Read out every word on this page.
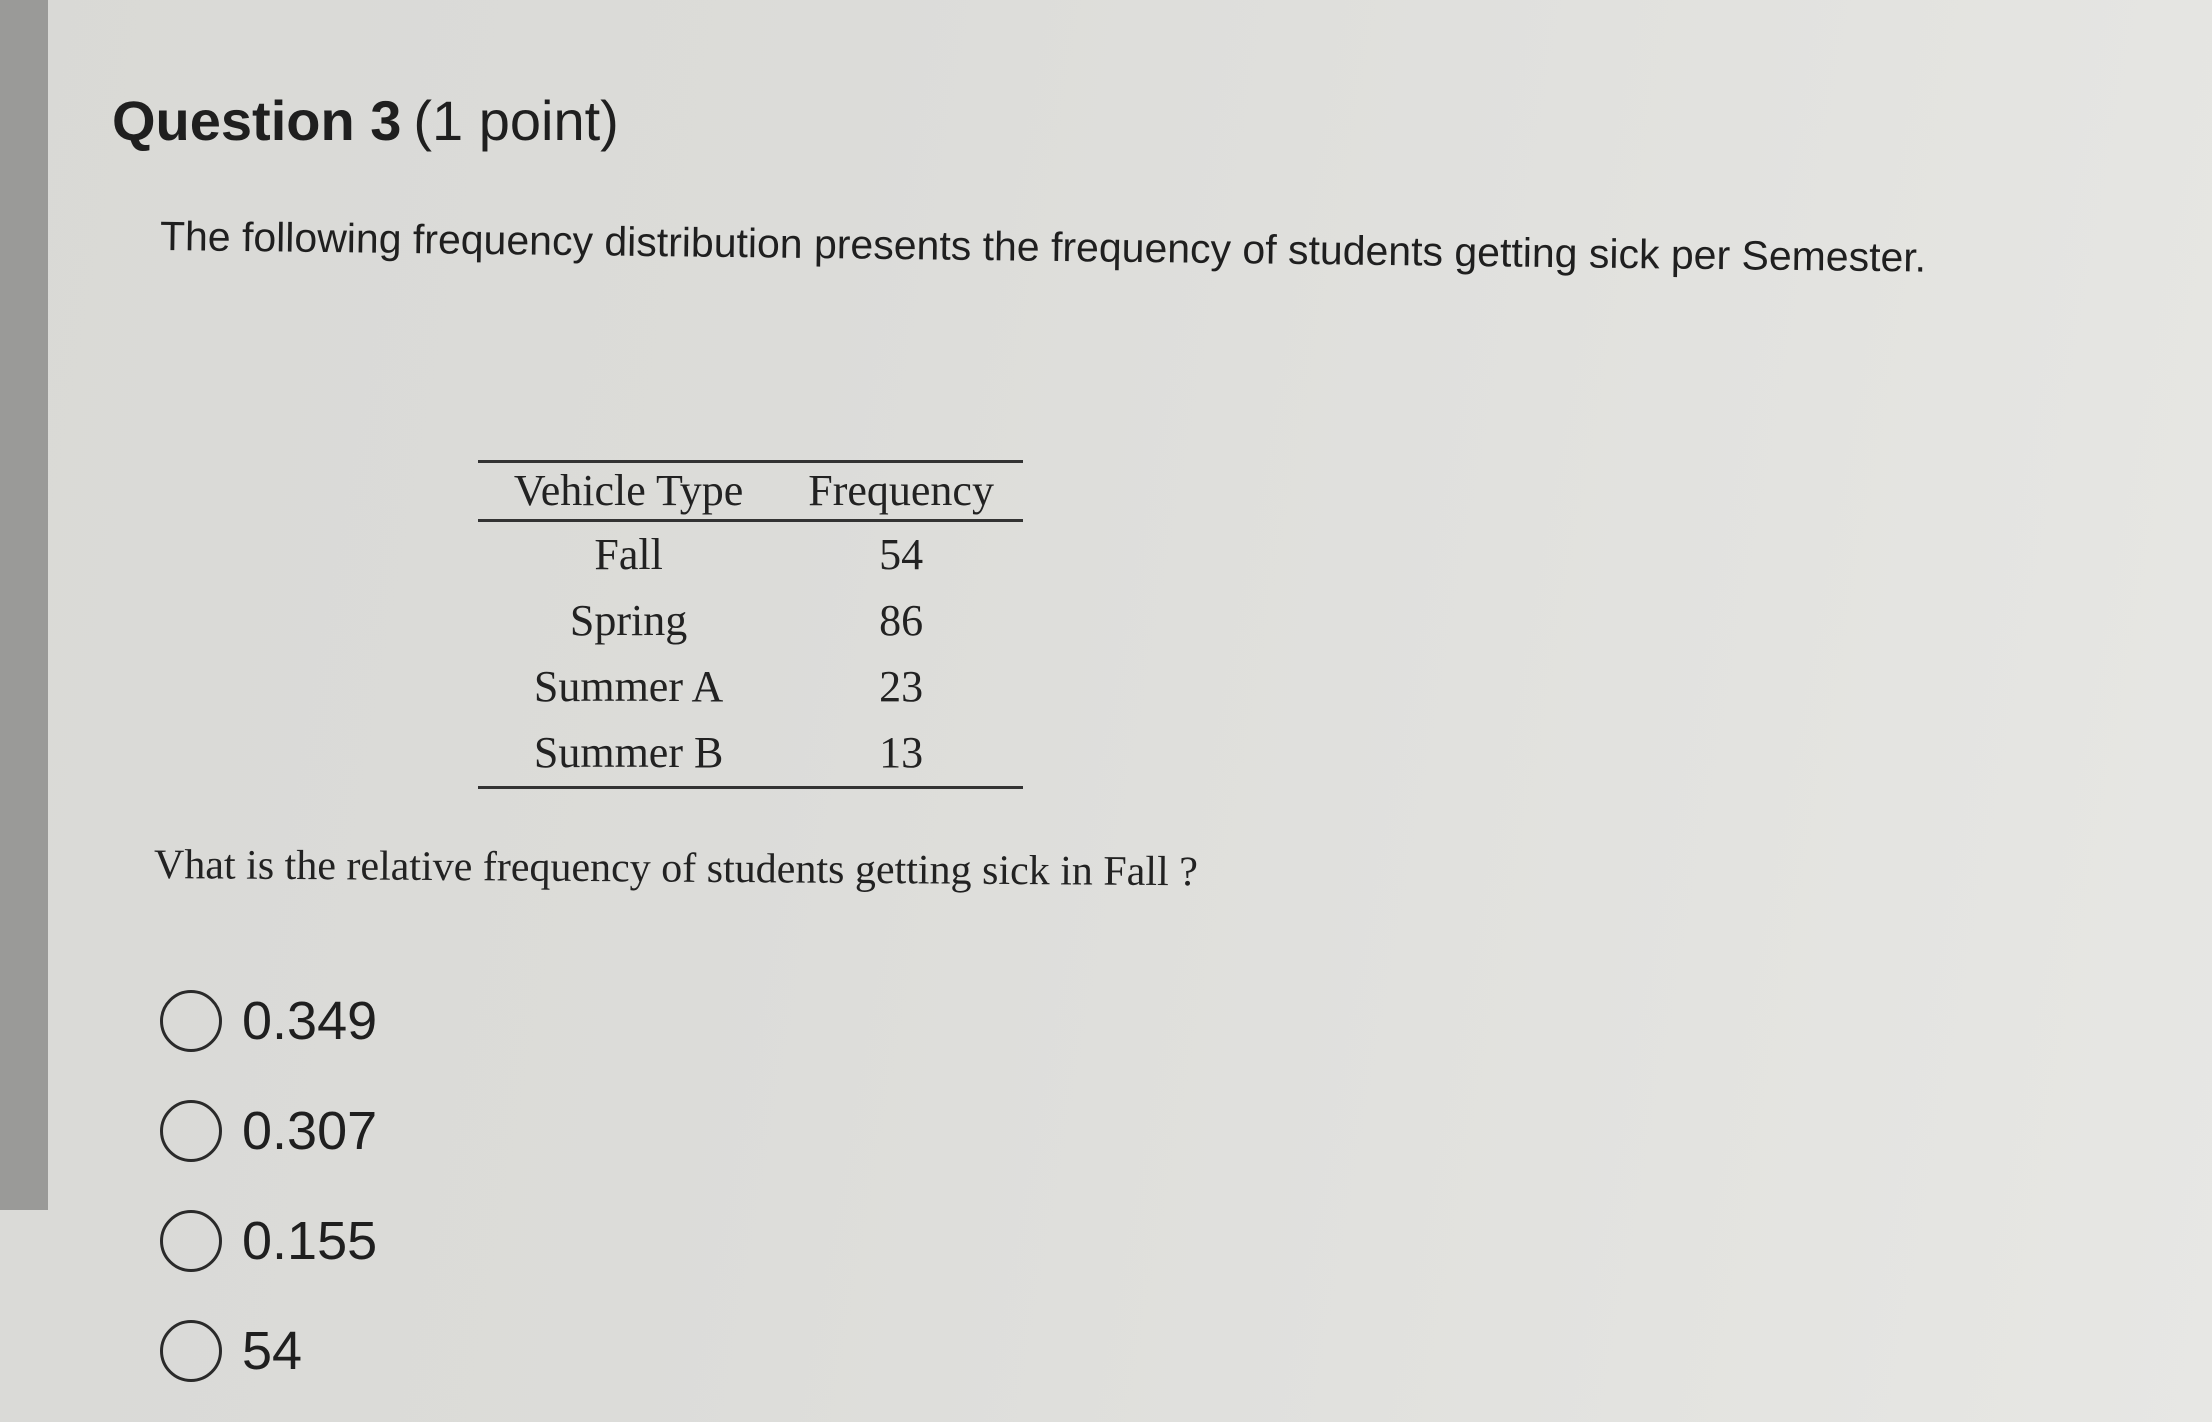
Question 3 (1 point)
The following frequency distribution presents the frequency of students getting sick per Semester.
Vehicle Type	Frequency
Fall	54
Spring	86
Summer A	23
Summer B	13
Vhat is the relative frequency of students getting sick in Fall ?
0.349
0.307
0.155
54
